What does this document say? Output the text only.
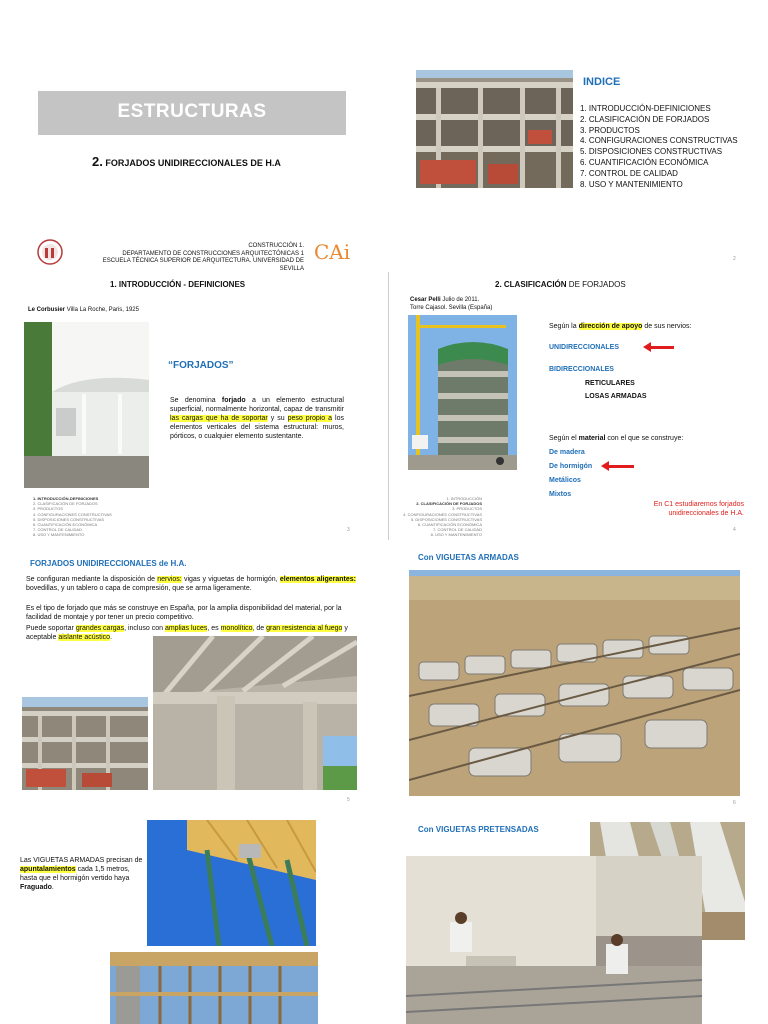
ESTRUCTURAS
2. FORJADOS UNIDIRECCIONALES DE H.A
INDICE
1. INTRODUCCIÓN-DEFINICIONES
2. CLASIFICACIÓN DE FORJADOS
3. PRODUCTOS
4. CONFIGURACIONES CONSTRUCTIVAS
5. DISPOSICIONES CONSTRUCTIVAS
6. CUANTIFICACIÓN ECONÓMICA
7. CONTROL DE CALIDAD
8. USO Y MANTENIMIENTO
2
CONSTRUCCIÓN 1.
DEPARTAMENTO DE CONSTRUCCIONES ARQUITECTÓNICAS 1
ESCUELA TÉCNICA SUPERIOR DE ARQUITECTURA. UNIVERSIDAD DE SEVILLA
CAi
1. INTRODUCCIÓN - DEFINICIONES
Le Corbusier Villa La Roche, Paris, 1925
“FORJADOS”
Se denomina forjado a un elemento estructural superficial, normalmente horizontal, capaz de transmitir las cargas que ha de soportar y su peso propio a los elementos verticales del sistema estructural: muros, pórticos, o cualquier elemento sustentante.
1. INTRODUCCIÓN-DEFINICIONES
2. CLASIFICACIÓN DE FORJADOS
3. PRODUCTOS
4. CONFIGURACIONES CONSTRUCTIVAS
5. DISPOSICIONES CONSTRUCTIVAS
6. CUANTIFICACIÓN ECONÓMICA
7. CONTROL DE CALIDAD
8. USO Y MANTENIMIENTO
3
2. CLASIFICACIÓN DE FORJADOS
Cesar Pelli Julio de 2011.
Torre Cajasol. Sevilla (España)
Según la dirección de apoyo de sus nervios:
UNIDIRECCIONALES
BIDIRECCIONALES
RETICULARES
LOSAS ARMADAS
Según el material con el que se construye:
De madera
De hormigón
Metálicos
Mixtos
En C1 estudiaremos forjados unidireccionales de H.A.
1. INTRODUCCIÓN
2. CLASIFICACIÓN DE FORJADOS
3. PRODUCTOS
4. CONFIGURACIONES CONSTRUCTIVAS
5. DISPOSICIONES CONSTRUCTIVAS
6. CUANTIFICACIÓN ECONÓMICA
7. CONTROL DE CALIDAD
8. USO Y MANTENIMIENTO
4
FORJADOS UNIDIRECCIONALES de H.A.
Se configuran mediante la disposición de nervios: vigas y viguetas de hormigón, elementos aligerantes: bovedillas, y un tablero o capa de compresión, que se arma ligeramente.
Es el tipo de forjado que más se construye en España, por la amplia disponibilidad del material, por la facilidad de montaje y por tener un precio competitivo.
Puede soportar grandes cargas, incluso con amplias luces, es monolítico, de gran resistencia al fuego y aceptable aislante acústico.
5
Con VIGUETAS ARMADAS
6
Las VIGUETAS ARMADAS precisan de apuntalamientos cada 1,5 metros, hasta que el hormigón vertido haya Fraguado.
Con VIGUETAS PRETENSADAS
